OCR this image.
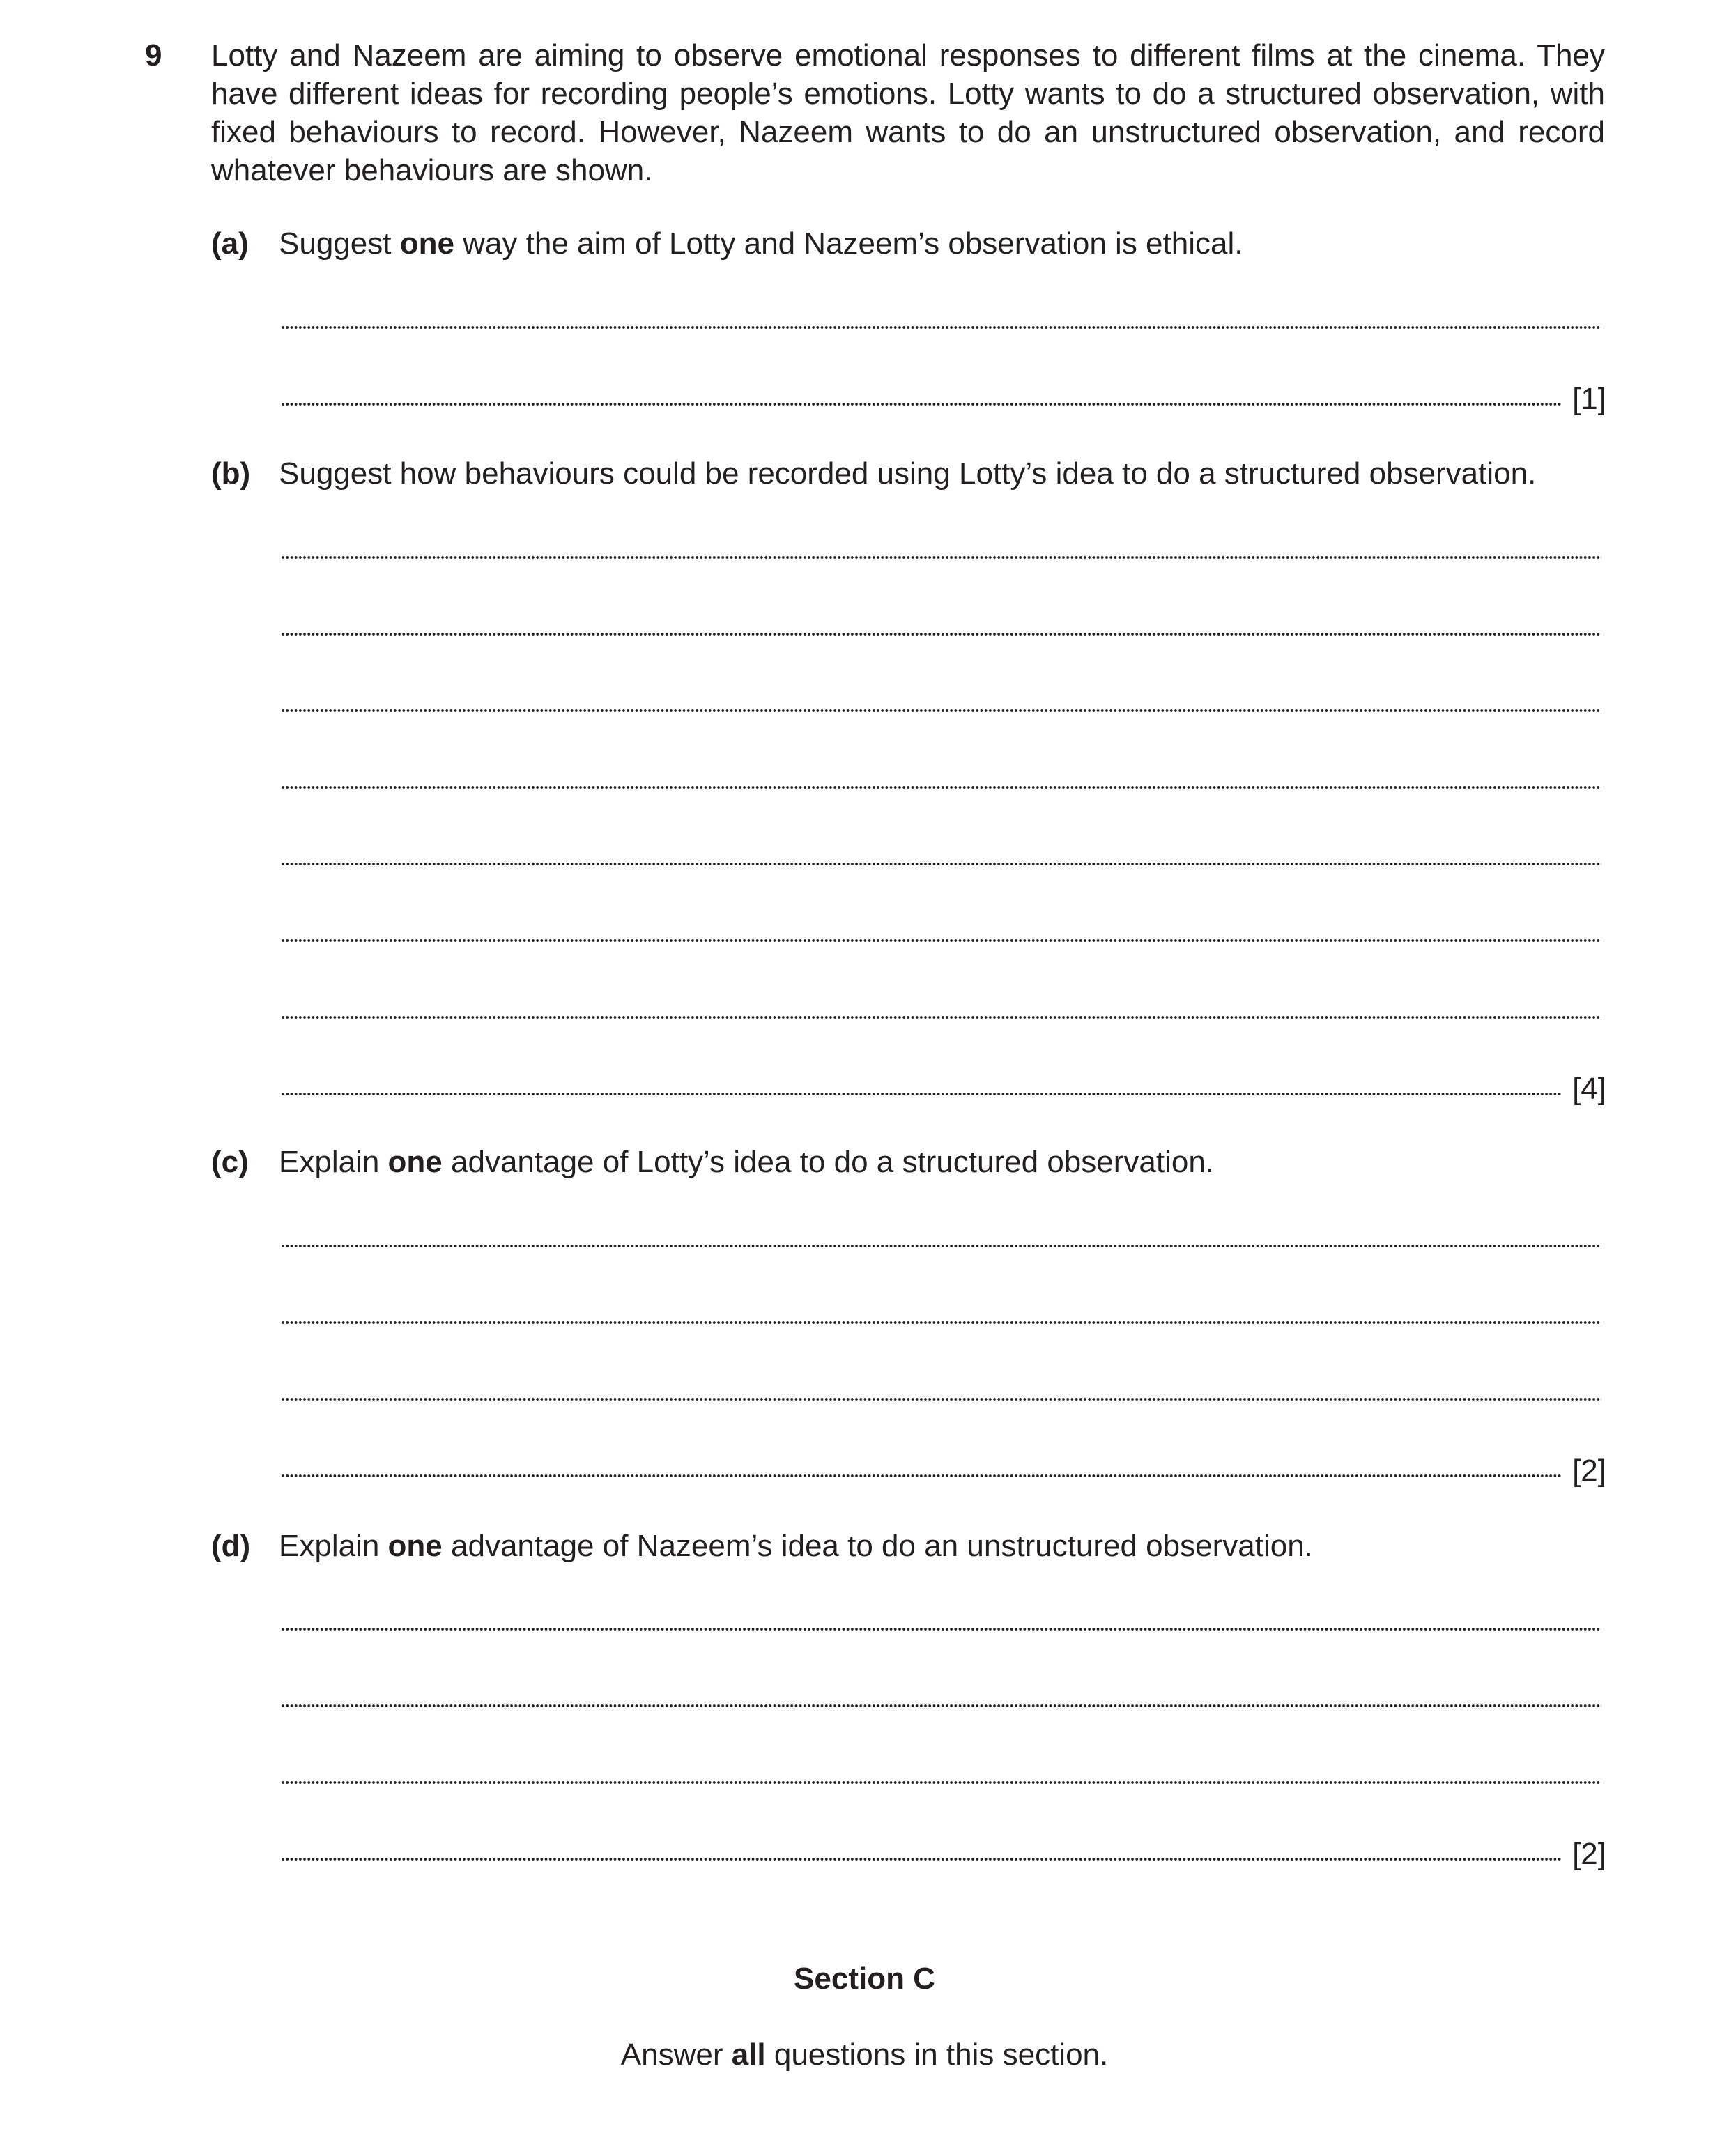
9 Lotty and Nazeem are aiming to observe emotional responses to different films at the cinema. They have different ideas for recording people’s emotions. Lotty wants to do a structured observation, with fixed behaviours to record. However, Nazeem wants to do an unstructured observation, and record whatever behaviours are shown.
(a) Suggest one way the aim of Lotty and Nazeem’s observation is ethical.
[1]
(b) Suggest how behaviours could be recorded using Lotty’s idea to do a structured observation.
[4]
(c) Explain one advantage of Lotty’s idea to do a structured observation.
[2]
(d) Explain one advantage of Nazeem’s idea to do an unstructured observation.
[2]
Section C
Answer all questions in this section.
